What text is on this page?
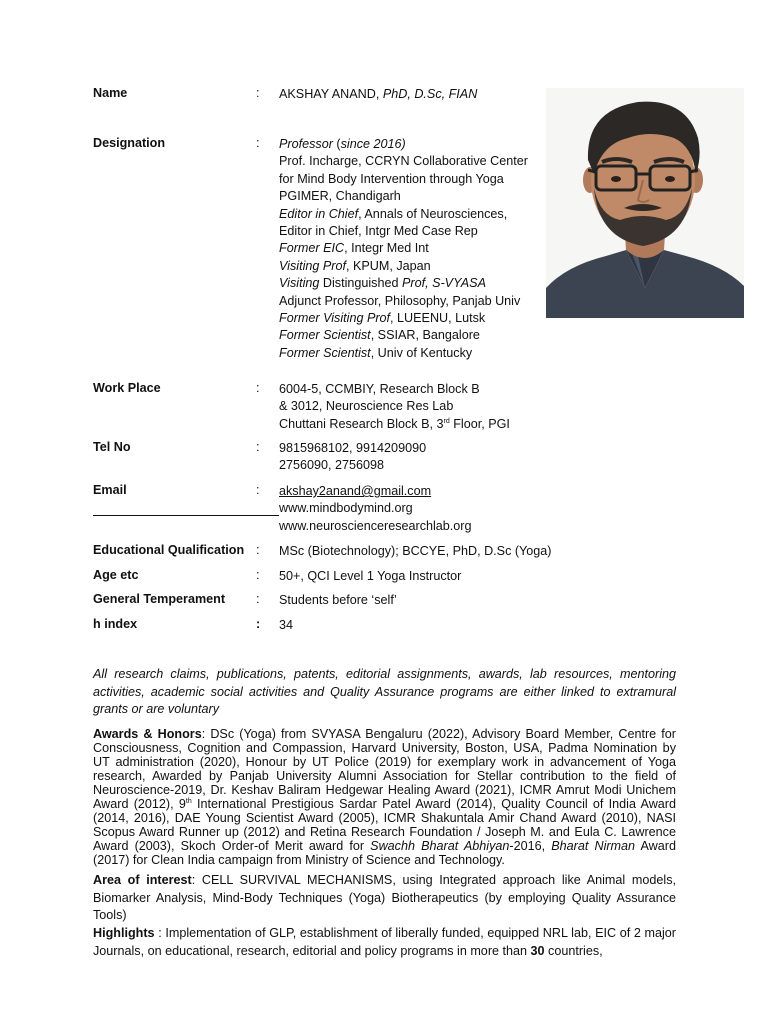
Name	: AKSHAY ANAND, PhD, D.Sc, FIAN
Designation	: Professor (since 2016)
Prof. Incharge, CCRYN Collaborative Center
for Mind Body Intervention through Yoga
PGIMER, Chandigarh
Editor in Chief, Annals of Neurosciences,
Editor in Chief, Intgr Med Case Rep
Former EIC, Integr Med Int
Visiting Prof, KPUM, Japan
Visiting Distinguished Prof, S-VYASA
Adjunct Professor, Philosophy, Panjab Univ
Former Visiting Prof, LUEENU, Lutsk
Former Scientist, SSIAR, Bangalore
Former Scientist, Univ of Kentucky
Work Place	: 6004-5, CCMBIY, Research Block B
& 3012, Neuroscience Res Lab
Chuttani Research Block B, 3rd Floor, PGI
Tel No	: 9815968102, 9914209090
2756090, 2756098
Email	: akshay2anand@gmail.com
www.mindbodymind.org
www.neuroscienceresearchlab.org
Educational Qualification : MSc (Biotechnology); BCCYE, PhD, D.Sc (Yoga)
Age etc	: 50+, QCI Level 1 Yoga Instructor
General Temperament : Students before ‘self’
h index	: 34
All research claims, publications, patents, editorial assignments, awards, lab resources, mentoring activities, academic social activities and Quality Assurance programs are either linked to extramural grants or are voluntary
Awards & Honors: DSc (Yoga) from SVYASA Bengaluru (2022), Advisory Board Member, Centre for Consciousness, Cognition and Compassion, Harvard University, Boston, USA, Padma Nomination by UT administration (2020), Honour by UT Police (2019) for exemplary work in advancement of Yoga research, Awarded by Panjab University Alumni Association for Stellar contribution to the field of Neuroscience-2019, Dr. Keshav Baliram Hedgewar Healing Award (2021), ICMR Amrut Modi Unichem Award (2012), 9th International Prestigious Sardar Patel Award (2014), Quality Council of India Award (2014, 2016), DAE Young Scientist Award (2005), ICMR Shakuntala Amir Chand Award (2010), NASI Scopus Award Runner up (2012) and Retina Research Foundation / Joseph M. and Eula C. Lawrence Award (2003), Skoch Order-of Merit award for Swachh Bharat Abhiyan-2016, Bharat Nirman Award (2017) for Clean India campaign from Ministry of Science and Technology.
Area of interest: CELL SURVIVAL MECHANISMS, using Integrated approach like Animal models, Biomarker Analysis, Mind-Body Techniques (Yoga) Biotherapeutics (by employing Quality Assurance Tools)
Highlights : Implementation of GLP, establishment of liberally funded, equipped NRL lab, EIC of 2 major Journals, on educational, research, editorial and policy programs in more than 30 countries,
